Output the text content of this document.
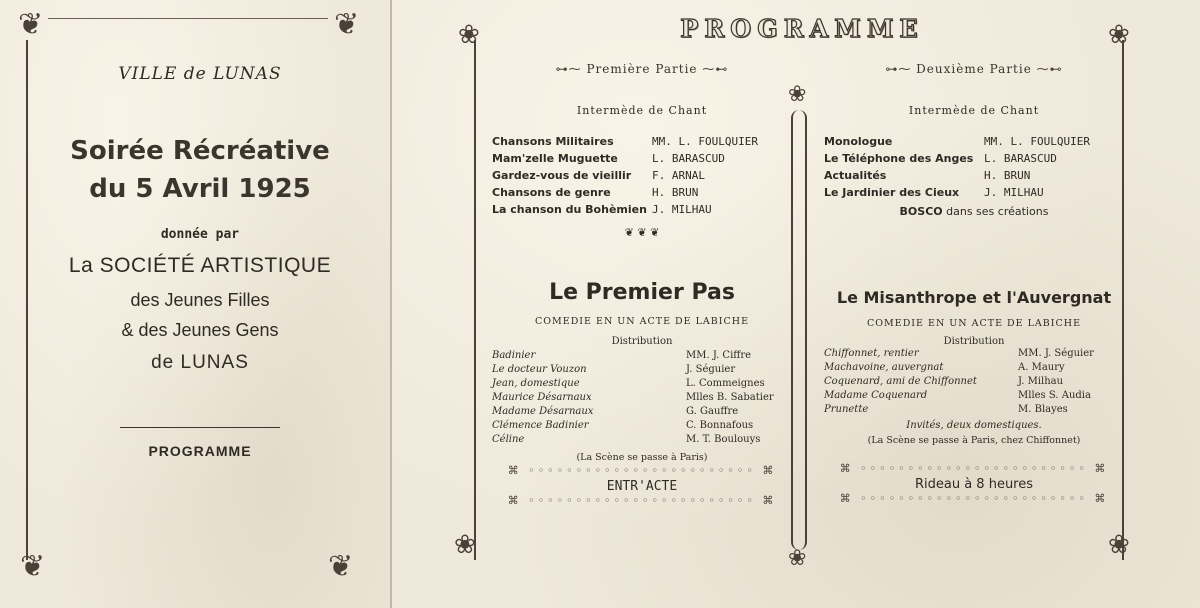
❦	❦
❦	❦
VILLE de LUNAS
Soirée Récréative
du 5 Avril 1925
donnée par
La SOCIÉTÉ ARTISTIQUE
des Jeunes Filles
& des Jeunes Gens
de LUNAS
PROGRAMME
PROGRAMME
❀	❀
❀	❀
❀
❀
⊶⁓ Première Partie ⁓⊷
Intermède de Chant
Chansons Militaires	MM. L. FOULQUIER
Mam'zelle Muguette	L. BARASCUD
Gardez-vous de vieillir F. ARNAL
Chansons de genre	H. BRUN
La chanson du Bohèmien J. MILHAU
❦ ❦ ❦
Le Premier Pas
COMEDIE EN UN ACTE DE LABICHE
Distribution
Badinier	MM. J. Ciffre
Le docteur Vouzon	J. Séguier
Jean, domestique	L. Commeignes
Maurice Désarnaux	Mlles B. Sabatier
Madame Désarnaux	G. Gauffre
Clémence Badinier	C. Bonnafous
Céline	M. T. Boulouys
(La Scène se passe à Paris)
⌘ ◦◦◦◦◦◦◦◦◦◦◦◦◦◦◦◦◦◦◦◦◦◦◦◦ ⌘
ENTR'ACTE
⌘ ◦◦◦◦◦◦◦◦◦◦◦◦◦◦◦◦◦◦◦◦◦◦◦◦ ⌘
⊶⁓ Deuxième Partie ⁓⊷
Intermède de Chant
Monologue	MM. L. FOULQUIER
Le Téléphone des Anges L. BARASCUD
Actualités	H. BRUN
Le Jardinier des Cieux J. MILHAU
BOSCO dans ses créations
Le Misanthrope et l'Auvergnat
COMEDIE EN UN ACTE DE LABICHE
Distribution
Chiffonnet, rentier	MM. J. Séguier
Machavoine, auvergnat	A. Maury
Coquenard, ami de Chiffonnet	J. Milhau
Madame Coquenard	Mlles S. Audia
Prunette	M. Blayes
Invités, deux domestiques.
(La Scène se passe à Paris, chez Chiffonnet)
⌘ ◦◦◦◦◦◦◦◦◦◦◦◦◦◦◦◦◦◦◦◦◦◦◦◦ ⌘
Rideau à 8 heures
⌘ ◦◦◦◦◦◦◦◦◦◦◦◦◦◦◦◦◦◦◦◦◦◦◦◦ ⌘
